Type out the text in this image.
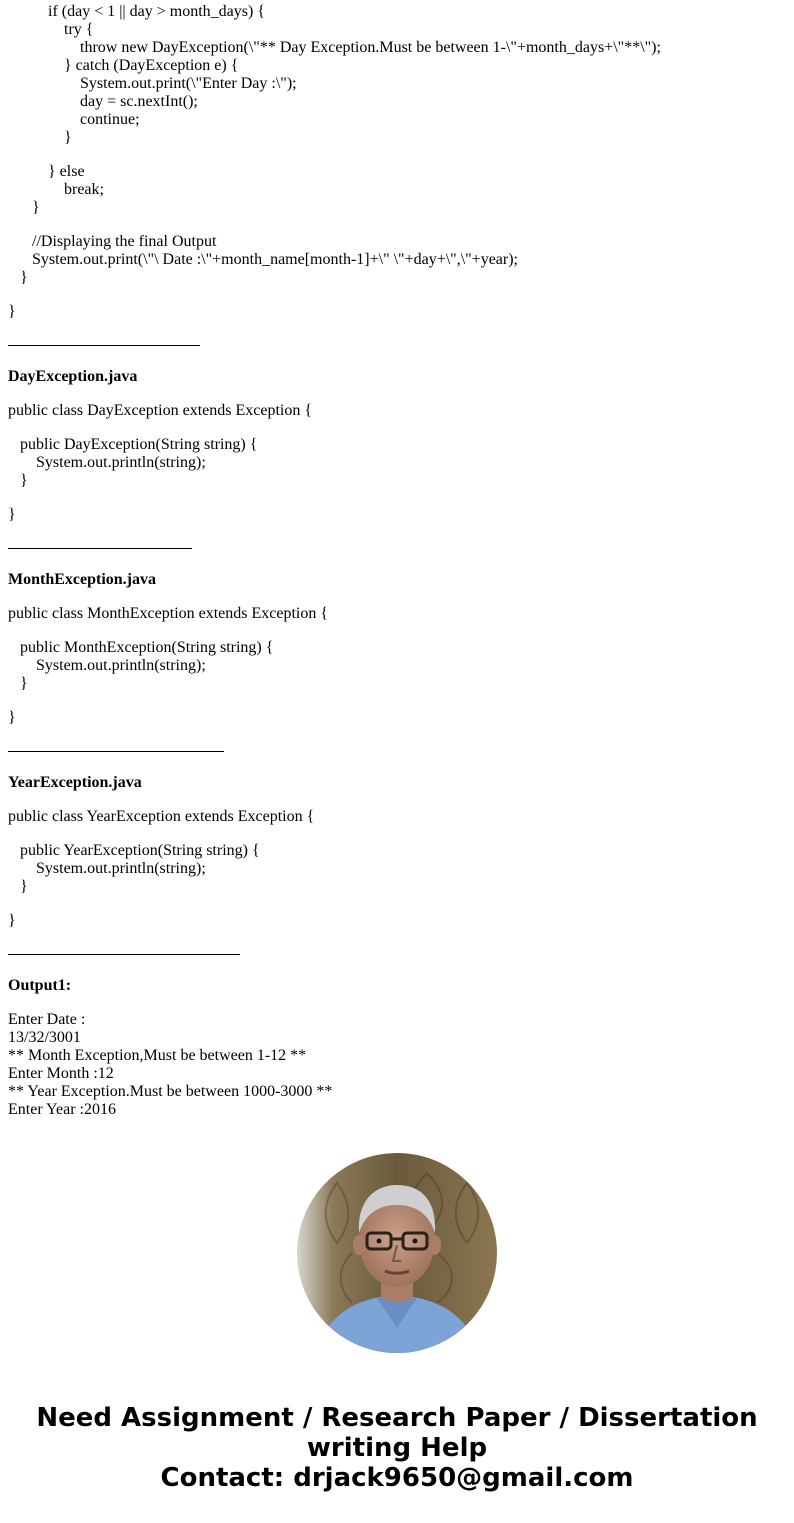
if (day < 1 || day > month_days) {
try {
throw new DayException(\"** Day Exception.Must be between 1-\"+month_days+\"**\");
} catch (DayException e) {
System.out.print(\"Enter Day :\");
day = sc.nextInt();
continue;
}
} else
break;
}
//Displaying the final Output
System.out.print(\"\ Date :\"+month_name[month-1]+\" \"+day+\",\"+year);
}
}
DayException.java
public class DayException extends Exception {
public DayException(String string) {
System.out.println(string);
}
}
MonthException.java
public class MonthException extends Exception {
public MonthException(String string) {
System.out.println(string);
}
}
YearException.java
public class YearException extends Exception {
public YearException(String string) {
System.out.println(string);
}
}
Output1:
Enter Date :
13/32/3001
** Month Exception,Must be between 1-12 **
Enter Month :12
** Year Exception.Must be between 1000-3000 **
Enter Year :2016
Need Assignment / Research Paper / Dissertation
writing Help
Contact: drjack9650@gmail.com
